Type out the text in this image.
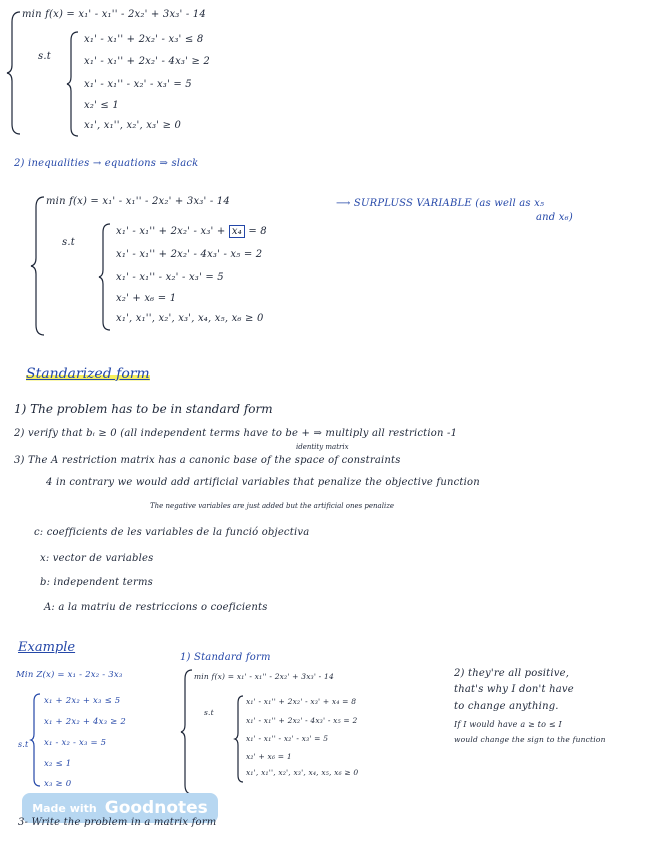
min f(x) = x₁' - x₁'' - 2x₂' + 3x₃' - 14
s.t
x₁' - x₁'' + 2x₂' - x₃' ≤ 8
x₁' - x₁'' + 2x₂' - 4x₃' ≥ 2
x₁' - x₁'' - x₂' - x₃' = 5
x₂' ≤ 1
x₁', x₁'', x₂', x₃' ≥ 0
2) inequalities → equations ⇒ slack
min f(x) = x₁' - x₁'' - 2x₂' + 3x₃' - 14	⟶ SURPLUSS VARIABLE (as well as x₅
and x₆)
s.t
x₁' - x₁'' + 2x₂' - x₃' + x₄ = 8
x₁' - x₁'' + 2x₂' - 4x₃' - x₅ = 2
x₁' - x₁'' - x₂' - x₃' = 5
x₂' + x₆ = 1
x₁', x₁'', x₂', x₃', x₄, x₅, x₆ ≥ 0
Standarized form
1) The problem has to be in standard form
2) verify that bᵢ ≥ 0 (all independent terms have to be + ⇒ multiply all restriction -1
identity matrix
3) The A restriction matrix has a canonic base of the space of constraints
4 in contrary we would add artificial variables that penalize the objective function
The negative variables are just added but the artificial ones penalize
c: coefficients de les variables de la funció objectiva
x: vector de variables
b: independent terms
A: a la matriu de restriccions o coeficients
Example
1) Standard form
Min Z(x) = x₁ - 2x₂ - 3x₃
s.t
x₁ + 2x₂ + x₃ ≤ 5
x₁ + 2x₂ + 4x₃ ≥ 2
x₁ - x₂ - x₃ = 5
x₂ ≤ 1
x₃ ≥ 0
min f(x) = x₁' - x₁'' - 2x₂' + 3x₃' - 14
s.t
x₁' - x₁'' + 2x₂' - x₃' + x₄ = 8
x₁' - x₁'' + 2x₂' - 4x₃' - x₅ = 2
x₁' - x₁'' - x₂' - x₃' = 5
x₂' + x₆ = 1
x₁', x₁'', x₂', x₃', x₄, x₅, x₆ ≥ 0
2) they're all positive,
that's why I don't have
to change anything.
If I would have a ≥ to ≤ I
would change the sign to the function
Made with Goodnotes
3- Write the problem in a matrix form
